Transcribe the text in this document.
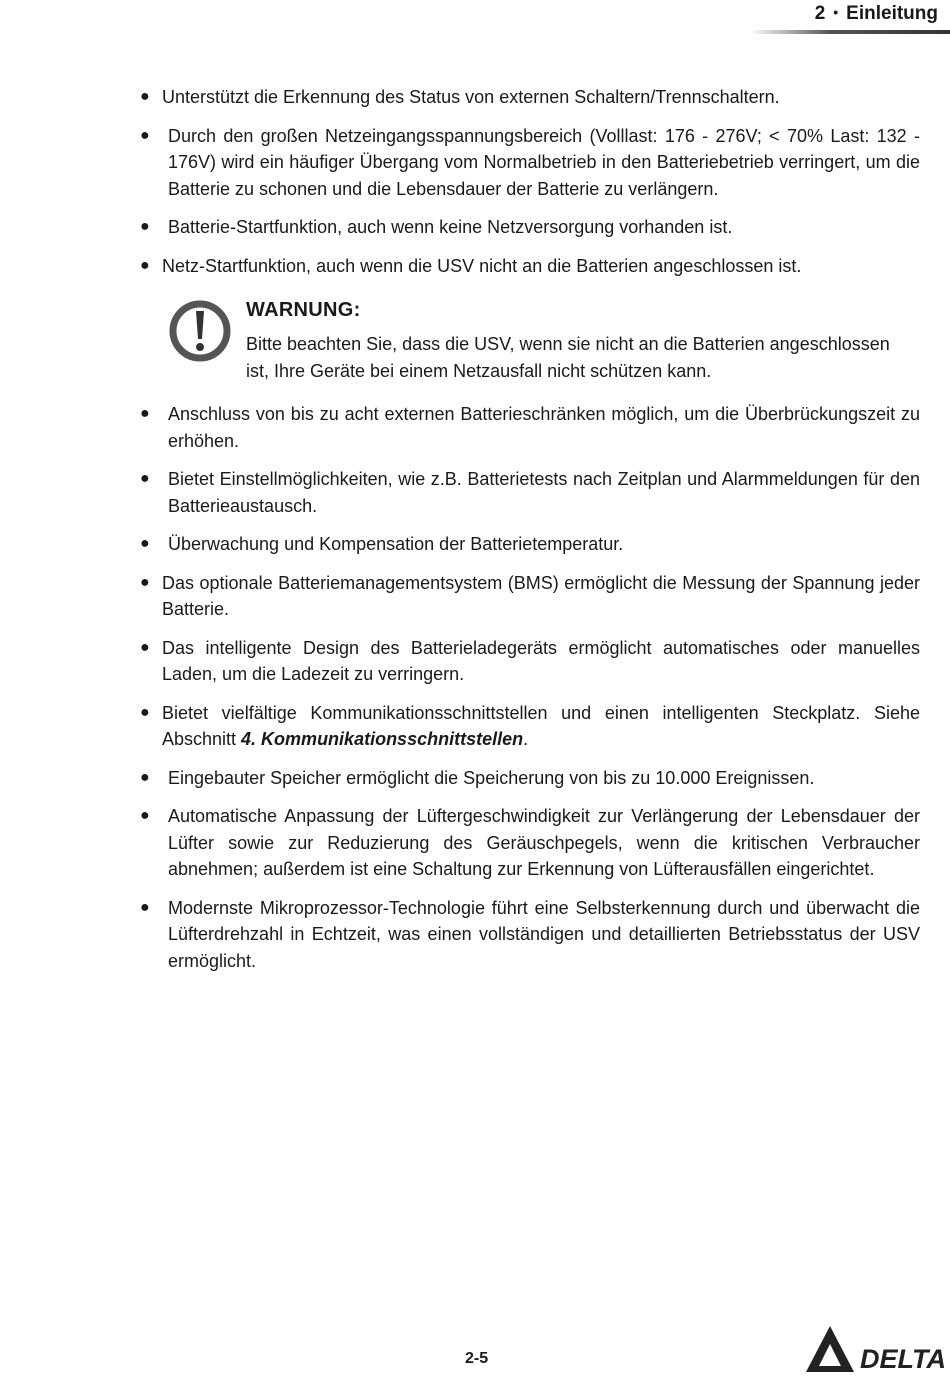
2 • Einleitung
● Unterstützt die Erkennung des Status von externen Schaltern/Trennschaltern.
● Durch den großen Netzeingangsspannungsbereich (Volllast: 176 - 276V; < 70% Last: 132 - 176V) wird ein häufiger Übergang vom Normalbetrieb in den Batteriebetrieb verringert, um die Batterie zu schonen und die Lebensdauer der Batterie zu verlängern.
● Batterie-Startfunktion, auch wenn keine Netzversorgung vorhanden ist.
● Netz-Startfunktion, auch wenn die USV nicht an die Batterien angeschlossen ist.
WARNUNG:
Bitte beachten Sie, dass die USV, wenn sie nicht an die Batterien angeschlossen ist, Ihre Geräte bei einem Netzausfall nicht schützen kann.
● Anschluss von bis zu acht externen Batterieschränken möglich, um die Überbrückungszeit zu erhöhen.
● Bietet Einstellmöglichkeiten, wie z.B. Batterietests nach Zeitplan und Alarmmeldungen für den Batterieaustausch.
● Überwachung und Kompensation der Batterietemperatur.
● Das optionale Batteriemanagementsystem (BMS) ermöglicht die Messung der Spannung jeder Batterie.
● Das intelligente Design des Batterieladegeräts ermöglicht automatisches oder manuelles Laden, um die Ladezeit zu verringern.
● Bietet vielfältige Kommunikationsschnittstellen und einen intelligenten Steckplatz. Siehe Abschnitt 4. Kommunikationsschnittstellen.
● Eingebauter Speicher ermöglicht die Speicherung von bis zu 10.000 Ereignissen.
● Automatische Anpassung der Lüftergeschwindigkeit zur Verlängerung der Lebensdauer der Lüfter sowie zur Reduzierung des Geräuschpegels, wenn die kritischen Verbraucher abnehmen; außerdem ist eine Schaltung zur Erkennung von Lüfterausfällen eingerichtet.
● Modernste Mikroprozessor-Technologie führt eine Selbsterkennung durch und überwacht die Lüfterdrehzahl in Echtzeit, was einen vollständigen und detaillierten Betriebsstatus der USV ermöglicht.
2-5	DELTA
